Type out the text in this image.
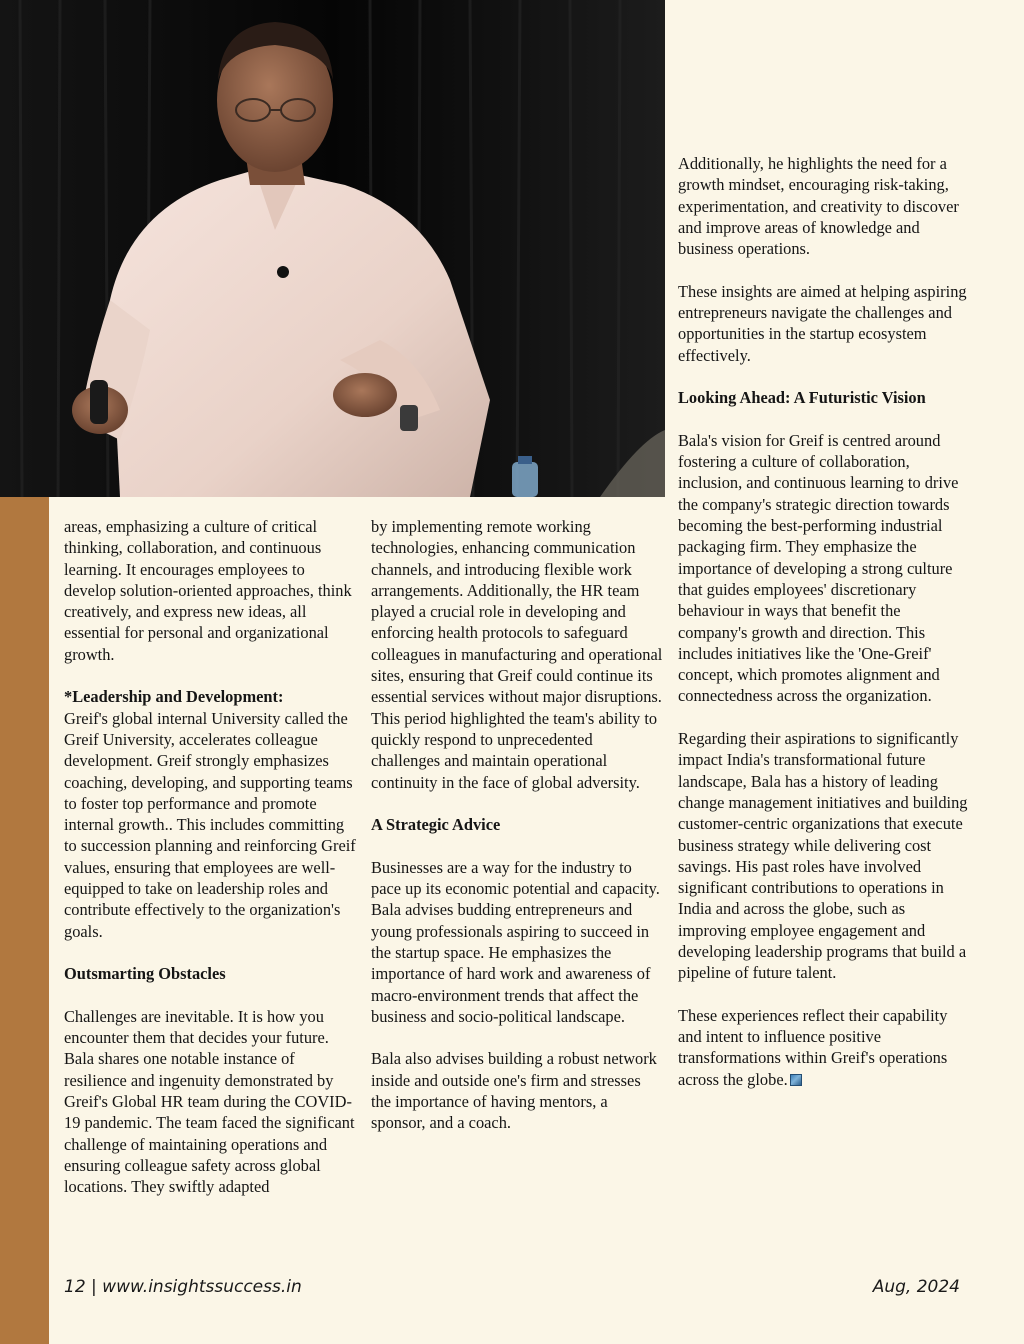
areas, emphasizing a culture of critical thinking, collaboration, and continuous learning. It encourages employees to develop solution-oriented approaches, think creatively, and express new ideas, all essential for personal and organizational growth.

*Leadership and Development:
Greif's global internal University called the Greif University, accelerates colleague development. Greif strongly emphasizes coaching, developing, and supporting teams to foster top performance and promote internal growth.. This includes committing to succession planning and reinforcing Greif values, ensuring that employees are well-equipped to take on leadership roles and contribute effectively to the organization's goals.

Outsmarting Obstacles

Challenges are inevitable. It is how you encounter them that decides your future. Bala shares one notable instance of resilience and ingenuity demonstrated by Greif's Global HR team during the COVID-19 pandemic. The team faced the significant challenge of maintaining operations and ensuring colleague safety across global locations. They swiftly adapted

by implementing remote working technologies, enhancing communication channels, and introducing flexible work arrangements. Additionally, the HR team played a crucial role in developing and enforcing health protocols to safeguard colleagues in manufacturing and operational sites, ensuring that Greif could continue its essential services without major disruptions. This period highlighted the team's ability to quickly respond to unprecedented challenges and maintain operational continuity in the face of global adversity.

A Strategic Advice

Businesses are a way for the industry to pace up its economic potential and capacity. Bala advises budding entrepreneurs and young professionals aspiring to succeed in the startup space. He emphasizes the importance of hard work and awareness of macro-environment trends that affect the business and socio-political landscape.

Bala also advises building a robust network inside and outside one's firm and stresses the importance of having mentors, a sponsor, and a coach.

Additionally, he highlights the need for a growth mindset, encouraging risk-taking, experimentation, and creativity to discover and improve areas of knowledge and business operations.

These insights are aimed at helping aspiring entrepreneurs navigate the challenges and opportunities in the startup ecosystem effectively.

Looking Ahead: A Futuristic Vision

Bala's vision for Greif is centred around fostering a culture of collaboration, inclusion, and continuous learning to drive the company's strategic direction towards becoming the best-performing industrial packaging firm. They emphasize the importance of developing a strong culture that guides employees' discretionary behaviour in ways that benefit the company's growth and direction. This includes initiatives like the 'One-Greif' concept, which promotes alignment and connectedness across the organization.

Regarding their aspirations to significantly impact India's transformational future landscape, Bala has a history of leading change management initiatives and building customer-centric organizations that execute business strategy while delivering cost savings. His past roles have involved significant contributions to operations in India and across the globe, such as improving employee engagement and developing leadership programs that build a pipeline of future talent.

These experiences reflect their capability and intent to influence positive transformations within Greif's operations across the globe.

12 | www.insightssuccess.in	Aug, 2024
